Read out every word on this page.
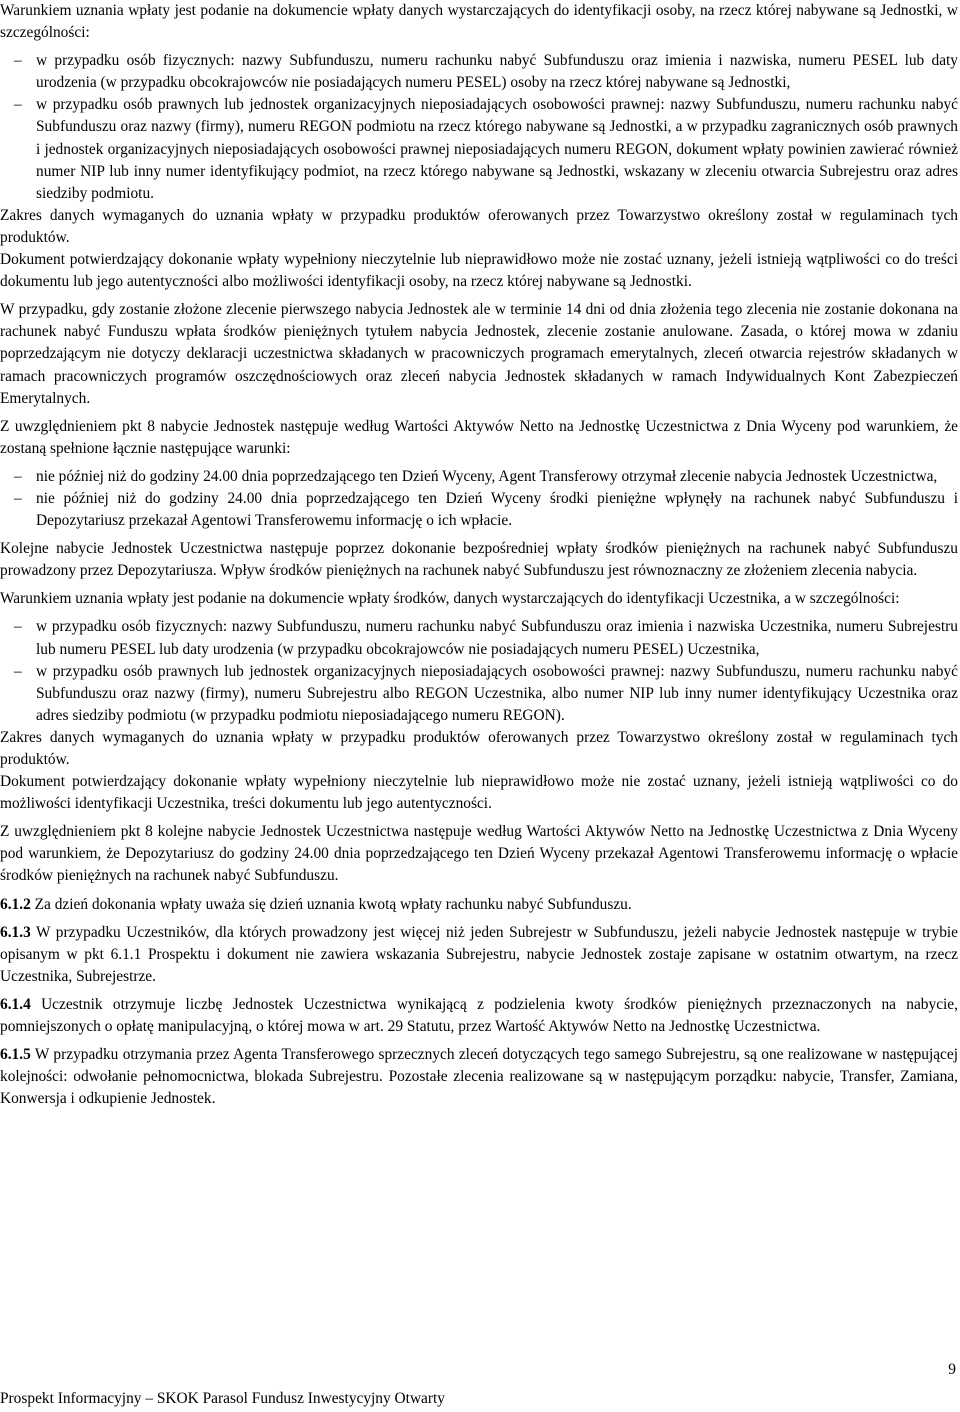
Warunkiem uznania wpłaty jest podanie na dokumencie wpłaty danych wystarczających do identyfikacji osoby, na rzecz której nabywane są Jednostki, w szczególności:

– w przypadku osób fizycznych: nazwy Subfunduszu, numeru rachunku nabyć Subfunduszu oraz imienia i nazwiska, numeru PESEL lub daty urodzenia (w przypadku obcokrajowców nie posiadających numeru PESEL) osoby na rzecz której nabywane są Jednostki,
– w przypadku osób prawnych lub jednostek organizacyjnych nieposiadających osobowości prawnej: nazwy Subfunduszu, numeru rachunku nabyć Subfunduszu oraz nazwy (firmy), numeru REGON podmiotu na rzecz którego nabywane są Jednostki, a w przypadku zagranicznych osób prawnych i jednostek organizacyjnych nieposiadających osobowości prawnej nieposiadających numeru REGON, dokument wpłaty powinien zawierać również numer NIP lub inny numer identyfikujący podmiot, na rzecz którego nabywane są Jednostki, wskazany w zleceniu otwarcia Subrejestru oraz adres siedziby podmiotu.

Zakres danych wymaganych do uznania wpłaty w przypadku produktów oferowanych przez Towarzystwo określony został w regulaminach tych produktów.

Dokument potwierdzający dokonanie wpłaty wypełniony nieczytelnie lub nieprawidłowo może nie zostać uznany, jeżeli istnieją wątpliwości co do treści dokumentu lub jego autentyczności albo możliwości identyfikacji osoby, na rzecz której nabywane są Jednostki.

W przypadku, gdy zostanie złożone zlecenie pierwszego nabycia Jednostek ale w terminie 14 dni od dnia złożenia tego zlecenia nie zostanie dokonana na rachunek nabyć Funduszu wpłata środków pieniężnych tytułem nabycia Jednostek, zlecenie zostanie anulowane. Zasada, o której mowa w zdaniu poprzedzającym nie dotyczy deklaracji uczestnictwa składanych w pracowniczych programach emerytalnych, zleceń otwarcia rejestrów składanych w ramach pracowniczych programów oszczędnościowych oraz zleceń nabycia Jednostek składanych w ramach Indywidualnych Kont Zabezpieczeń Emerytalnych.

Z uwzględnieniem pkt 8 nabycie Jednostek następuje według Wartości Aktywów Netto na Jednostkę Uczestnictwa z Dnia Wyceny pod warunkiem, że zostaną spełnione łącznie następujące warunki:

– nie później niż do godziny 24.00 dnia poprzedzającego ten Dzień Wyceny, Agent Transferowy otrzymał zlecenie nabycia Jednostek Uczestnictwa,
– nie później niż do godziny 24.00 dnia poprzedzającego ten Dzień Wyceny środki pieniężne wpłynęły na rachunek nabyć Subfunduszu i Depozytariusz przekazał Agentowi Transferowemu informację o ich wpłacie.

Kolejne nabycie Jednostek Uczestnictwa następuje poprzez dokonanie bezpośredniej wpłaty środków pieniężnych na rachunek nabyć Subfunduszu prowadzony przez Depozytariusza. Wpływ środków pieniężnych na rachunek nabyć Subfunduszu jest równoznaczny ze złożeniem zlecenia nabycia.

Warunkiem uznania wpłaty jest podanie na dokumencie wpłaty środków, danych wystarczających do identyfikacji Uczestnika, a w szczególności:

– w przypadku osób fizycznych: nazwy Subfunduszu, numeru rachunku nabyć Subfunduszu oraz imienia i nazwiska Uczestnika, numeru Subrejestru lub numeru PESEL lub daty urodzenia (w przypadku obcokrajowców nie posiadających numeru PESEL) Uczestnika,
– w przypadku osób prawnych lub jednostek organizacyjnych nieposiadających osobowości prawnej: nazwy Subfunduszu, numeru rachunku nabyć Subfunduszu oraz nazwy (firmy), numeru Subrejestru albo REGON Uczestnika, albo numer NIP lub inny numer identyfikujący Uczestnika oraz adres siedziby podmiotu (w przypadku podmiotu nieposiadającego numeru REGON).

Zakres danych wymaganych do uznania wpłaty w przypadku produktów oferowanych przez Towarzystwo określony został w regulaminach tych produktów.

Dokument potwierdzający dokonanie wpłaty wypełniony nieczytelnie lub nieprawidłowo może nie zostać uznany, jeżeli istnieją wątpliwości co do możliwości identyfikacji Uczestnika, treści dokumentu lub jego autentyczności.

Z uwzględnieniem pkt 8 kolejne nabycie Jednostek Uczestnictwa następuje według Wartości Aktywów Netto na Jednostkę Uczestnictwa z Dnia Wyceny pod warunkiem, że Depozytariusz do godziny 24.00 dnia poprzedzającego ten Dzień Wyceny przekazał Agentowi Transferowemu informację o wpłacie środków pieniężnych na rachunek nabyć Subfunduszu.

6.1.2 Za dzień dokonania wpłaty uważa się dzień uznania kwotą wpłaty rachunku nabyć Subfunduszu.

6.1.3 W przypadku Uczestników, dla których prowadzony jest więcej niż jeden Subrejestr w Subfunduszu, jeżeli nabycie Jednostek następuje w trybie opisanym w pkt 6.1.1 Prospektu i dokument nie zawiera wskazania Subrejestru, nabycie Jednostek zostaje zapisane w ostatnim otwartym, na rzecz Uczestnika, Subrejestrze.

6.1.4 Uczestnik otrzymuje liczbę Jednostek Uczestnictwa wynikającą z podzielenia kwoty środków pieniężnych przeznaczonych na nabycie, pomniejszonych o opłatę manipulacyjną, o której mowa w art. 29 Statutu, przez Wartość Aktywów Netto na Jednostkę Uczestnictwa.

6.1.5 W przypadku otrzymania przez Agenta Transferowego sprzecznych zleceń dotyczących tego samego Subrejestru, są one realizowane w następującej kolejności: odwołanie pełnomocnictwa, blokada Subrejestru. Pozostałe zlecenia realizowane są w następującym porządku: nabycie, Transfer, Zamiana, Konwersja i odkupienie Jednostek.

9
Prospekt Informacyjny – SKOK Parasol Fundusz Inwestycyjny Otwarty
